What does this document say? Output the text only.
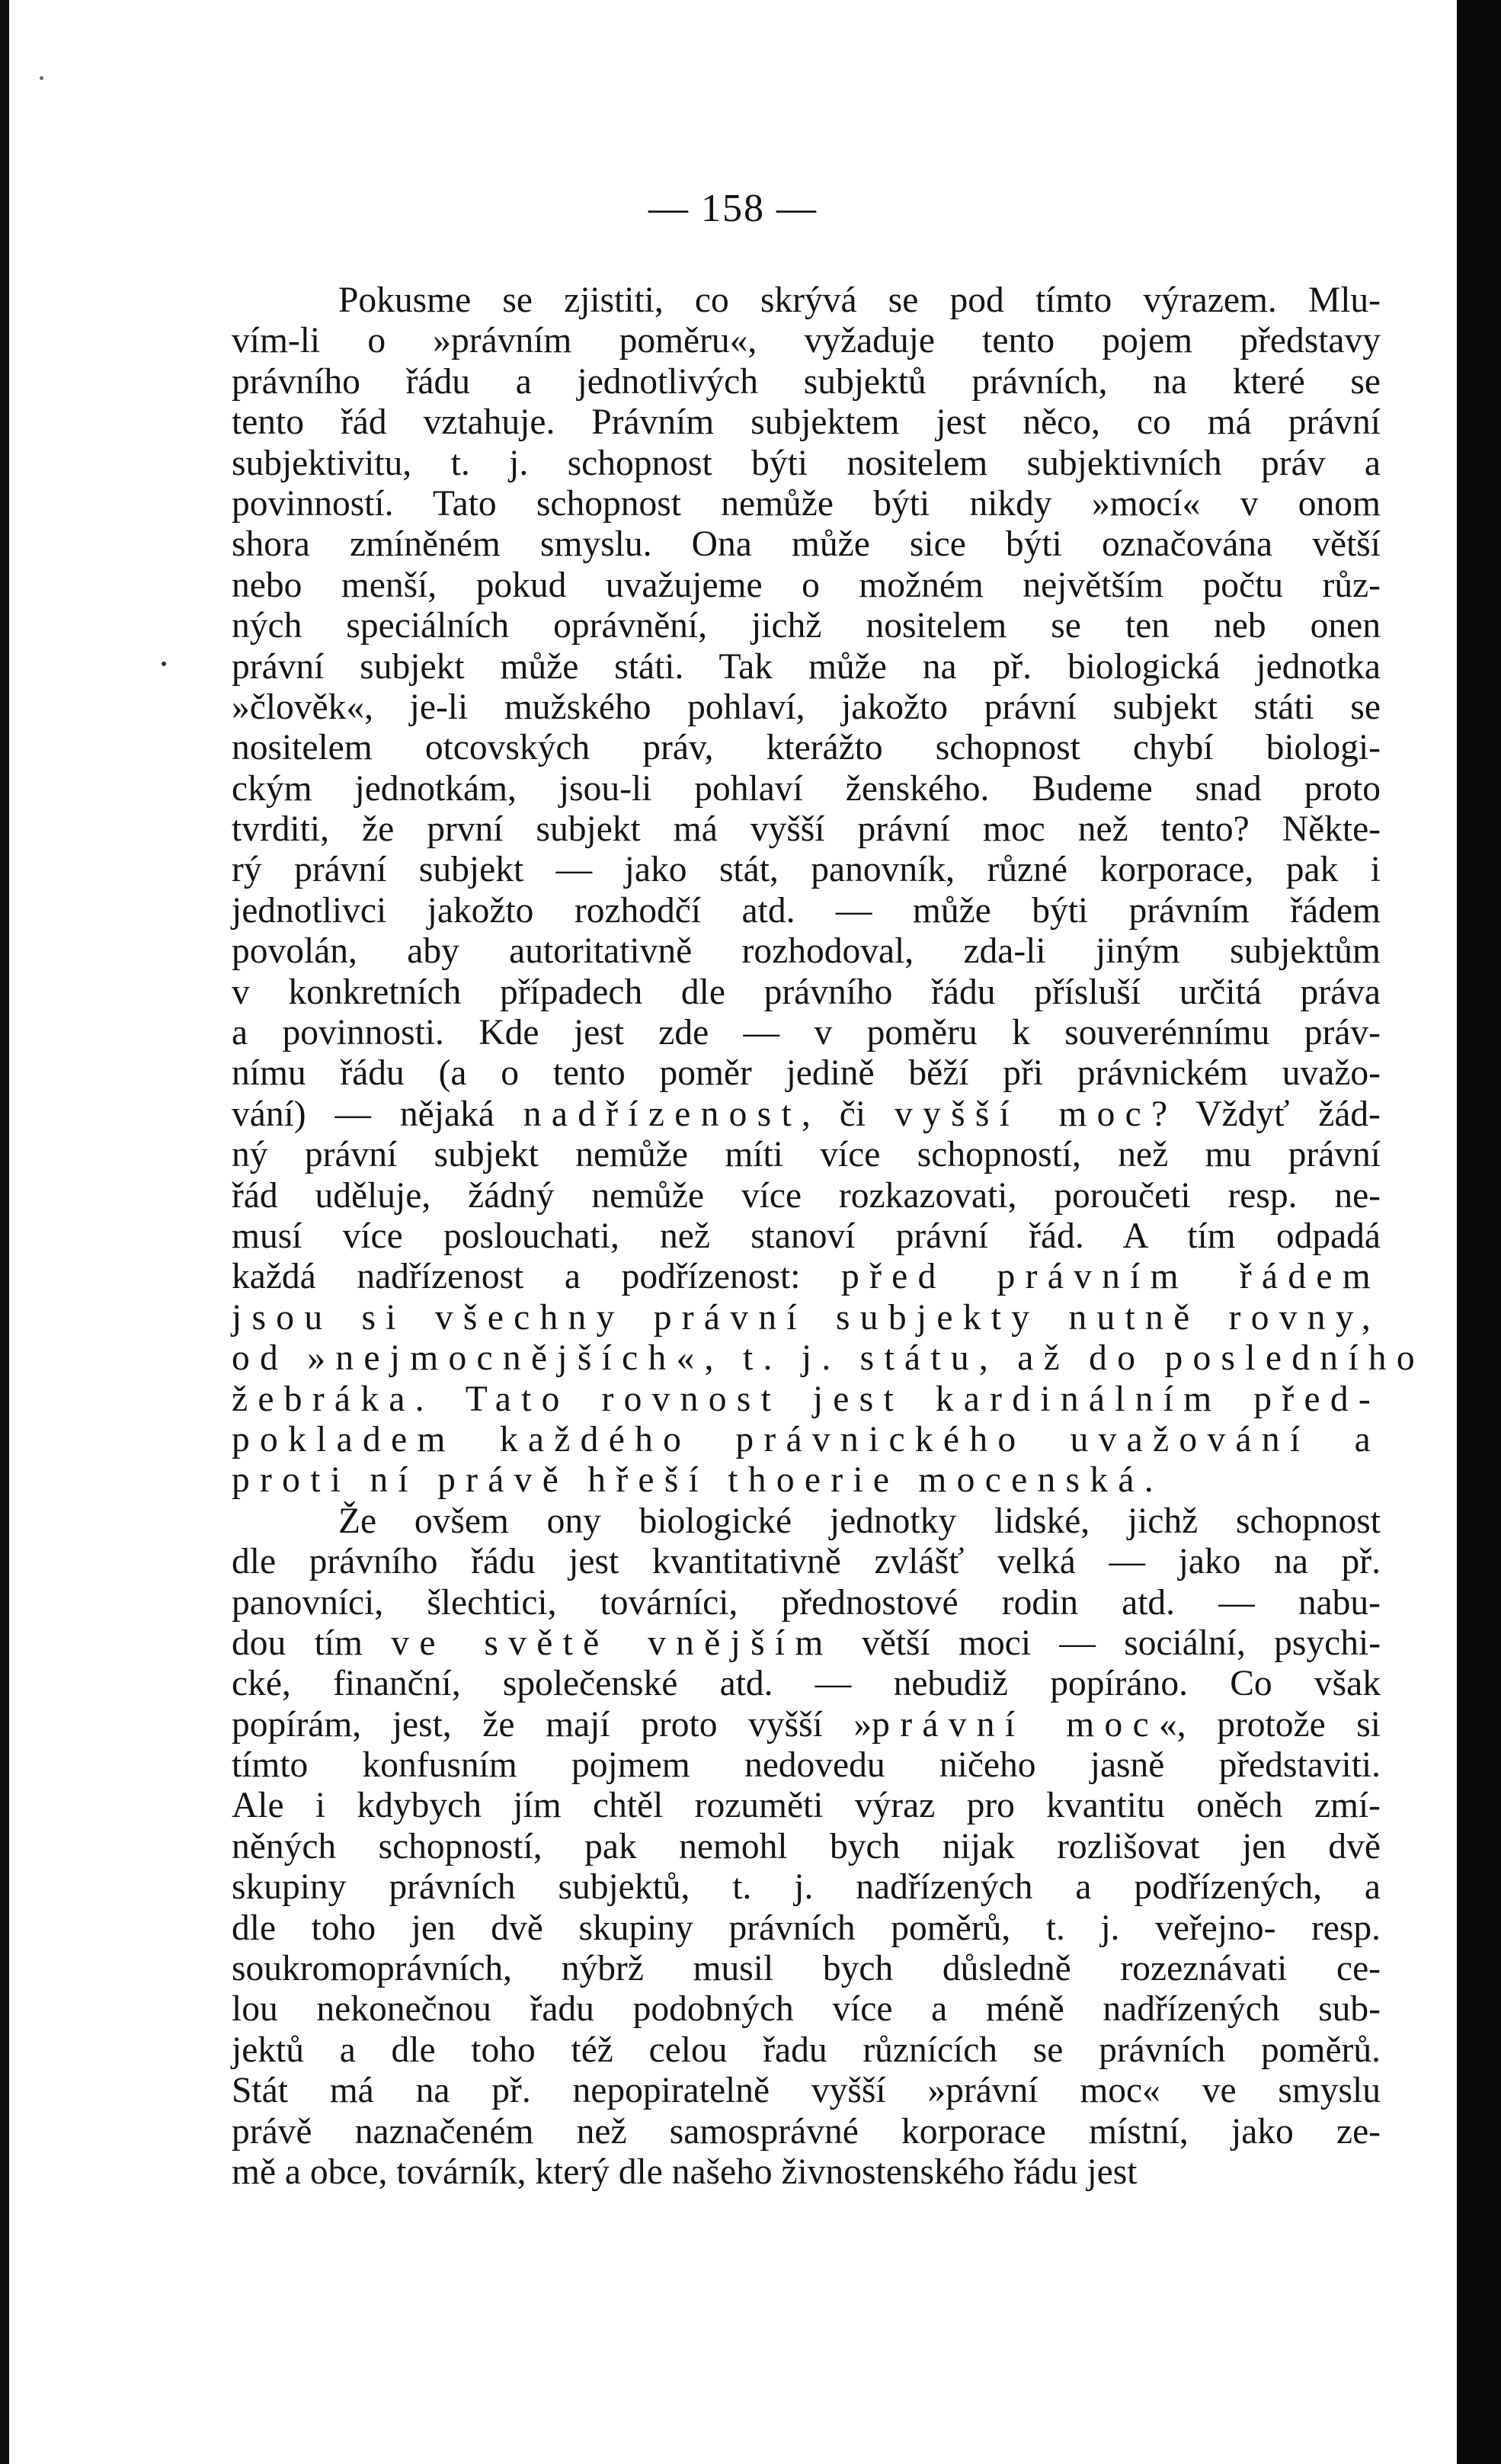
— 158 —
Pokusme se zjistiti, co skrývá se pod tímto výrazem. Mlu-
vím-li o »právním poměru«, vyžaduje tento pojem představy
právního řádu a jednotlivých subjektů právních, na které se
tento řád vztahuje. Právním subjektem jest něco, co má právní
subjektivitu, t. j. schopnost býti nositelem subjektivních práv a
povinností. Tato schopnost nemůže býti nikdy »mocí« v onom
shora zmíněném smyslu. Ona může sice býti označována větší
nebo menší, pokud uvažujeme o možném největším počtu růz-
ných speciálních oprávnění, jichž nositelem se ten neb onen
právní subjekt může státi. Tak může na př. biologická jednotka
»člověk«, je-li mužského pohlaví, jakožto právní subjekt státi se
nositelem otcovských práv, kterážto schopnost chybí biologi-
ckým jednotkám, jsou-li pohlaví ženského. Budeme snad proto
tvrditi, že první subjekt má vyšší právní moc než tento? Někte-
rý právní subjekt — jako stát, panovník, různé korporace, pak i
jednotlivci jakožto rozhodčí atd. — může býti právním řádem
povolán, aby autoritativně rozhodoval, zda-li jiným subjektům
v konkretních případech dle právního řádu přísluší určitá práva
a povinnosti. Kde jest zde — v poměru k souverénnímu práv-
nímu řádu (a o tento poměr jedině běží při právnickém uvažo-
vání) — nějaká nadřízenost, či vyšší moc? Vždyť žád-
ný právní subjekt nemůže míti více schopností, než mu právní
řád uděluje, žádný nemůže více rozkazovati, poroučeti resp. ne-
musí více poslouchati, než stanoví právní řád. A tím odpadá
každá nadřízenost a podřízenost: před právním řádem
jsou si všechny právní subjekty nutně rovny,
od »nejmocnějších«, t. j. státu, až do posledního
žebráka. Tato rovnost jest kardinálním před-
pokladem každého právnického uvažování a
proti ní právě hřeší thoerie mocenská.
Že ovšem ony biologické jednotky lidské, jichž schopnost
dle právního řádu jest kvantitativně zvlášť velká — jako na př.
panovníci, šlechtici, továrníci, přednostové rodin atd. — nabu-
dou tím ve světě vnějším větší moci — sociální, psychi-
cké, finanční, společenské atd. — nebudiž popíráno. Co však
popírám, jest, že mají proto vyšší »právní moc«, protože si
tímto konfusním pojmem nedovedu ničeho jasně představiti.
Ale i kdybych jím chtěl rozuměti výraz pro kvantitu oněch zmí-
něných schopností, pak nemohl bych nijak rozlišovat jen dvě
skupiny právních subjektů, t. j. nadřízených a podřízených, a
dle toho jen dvě skupiny právních poměrů, t. j. veřejno- resp.
soukromoprávních, nýbrž musil bych důsledně rozeznávati ce-
lou nekonečnou řadu podobných více a méně nadřízených sub-
jektů a dle toho též celou řadu různících se právních poměrů.
Stát má na př. nepopiratelně vyšší »právní moc« ve smyslu
právě naznačeném než samosprávné korporace místní, jako ze-
mě a obce, továrník, který dle našeho živnostenského řádu jest
